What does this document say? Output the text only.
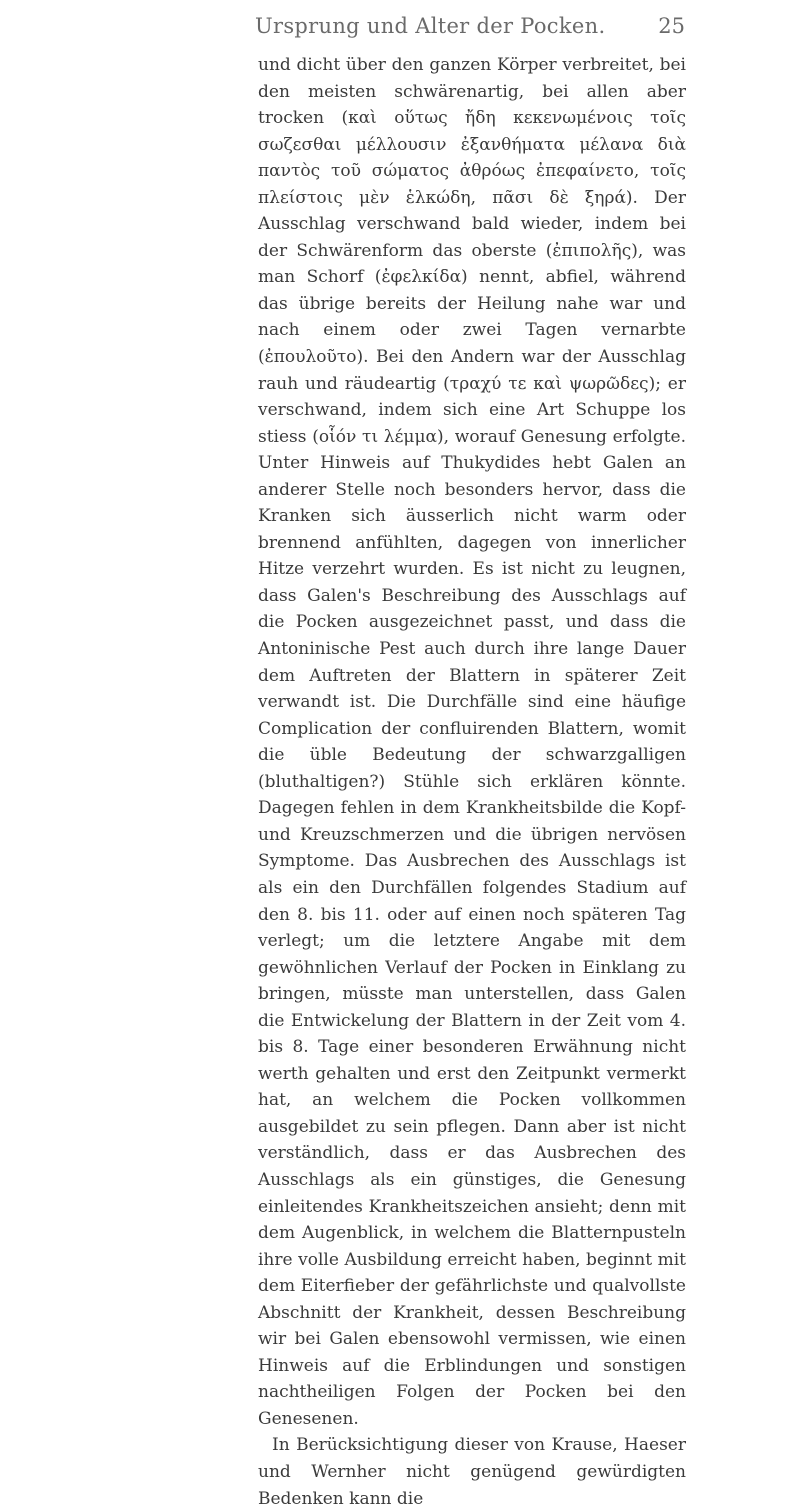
Ursprung und Alter der Pocken.	25

und dicht über den ganzen Körper verbreitet, bei den meisten schwärenartig, bei allen aber trocken (καὶ οὕτως ἤδη κεκενωμένοις τοῖς σωζεσθαι μέλλουσιν ἐξανθήματα μέλανα διὰ παντὸς τοῦ σώματος ἀθρόως ἐπεφαίνετο, τοῖς πλείστοις μὲν ἑλκώδη, πᾶσι δὲ ξηρά). Der Ausschlag verschwand bald wieder, indem bei der Schwärenform das oberste (ἐπιπολῆς), was man Schorf (ἐφελκίδα) nennt, abfiel, während das übrige bereits der Heilung nahe war und nach einem oder zwei Tagen vernarbte (ἐπουλοῦτο). Bei den Andern war der Ausschlag rauh und räudeartig (τραχύ τε καὶ ψωρῶδες); er verschwand, indem sich eine Art Schuppe los stiess (οἷόν τι λέμμα), worauf Genesung erfolgte. Unter Hinweis auf Thukydides hebt Galen an anderer Stelle noch besonders hervor, dass die Kranken sich äusserlich nicht warm oder brennend anfühlten, dagegen von innerlicher Hitze verzehrt wurden. Es ist nicht zu leugnen, dass Galen's Beschreibung des Ausschlags auf die Pocken ausgezeichnet passt, und dass die Antoninische Pest auch durch ihre lange Dauer dem Auftreten der Blattern in späterer Zeit verwandt ist. Die Durchfälle sind eine häufige Complication der confluirenden Blattern, womit die üble Bedeutung der schwarzgalligen (bluthaltigen?) Stühle sich erklären könnte. Dagegen fehlen in dem Krankheitsbilde die Kopf- und Kreuzschmerzen und die übrigen nervösen Symptome. Das Ausbrechen des Ausschlags ist als ein den Durchfällen folgendes Stadium auf den 8. bis 11. oder auf einen noch späteren Tag verlegt; um die letztere Angabe mit dem gewöhnlichen Verlauf der Pocken in Einklang zu bringen, müsste man unterstellen, dass Galen die Entwickelung der Blattern in der Zeit vom 4. bis 8. Tage einer besonderen Erwähnung nicht werth gehalten und erst den Zeitpunkt vermerkt hat, an welchem die Pocken vollkommen ausgebildet zu sein pflegen. Dann aber ist nicht verständlich, dass er das Ausbrechen des Ausschlags als ein günstiges, die Genesung einleitendes Krankheitszeichen ansieht; denn mit dem Augenblick, in welchem die Blatternpusteln ihre volle Ausbildung erreicht haben, beginnt mit dem Eiterfieber der gefährlichste und qualvollste Abschnitt der Krankheit, dessen Beschreibung wir bei Galen ebensowohl vermissen, wie einen Hinweis auf die Erblindungen und sonstigen nachtheiligen Folgen der Pocken bei den Genesenen.

In Berücksichtigung dieser von Krause, Haeser und Wernher nicht genügend gewürdigten Bedenken kann die
